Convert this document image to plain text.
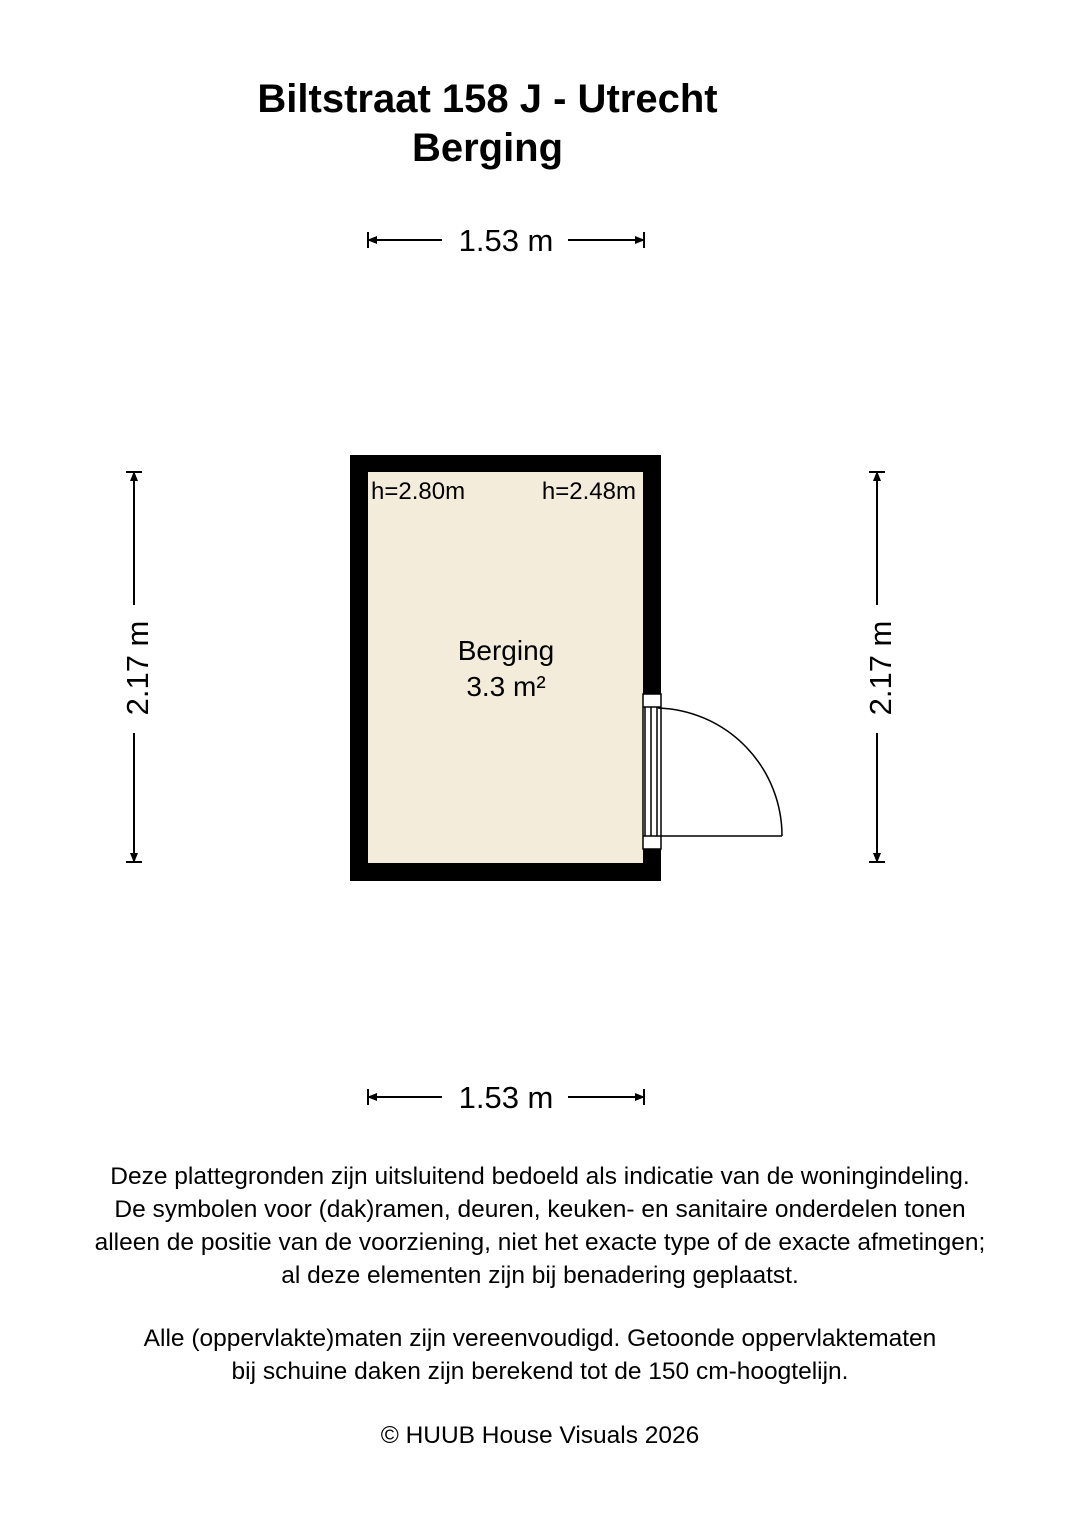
Biltstraat 158 J - Utrecht
Berging
1.53 m
1.53 m
2.17 m	2.17 m
h=2.80m	h=2.48m
Berging
3.3 m²

Deze plattegronden zijn uitsluitend bedoeld als indicatie van de woningindeling.

De symbolen voor (dak)ramen, deuren, keuken- en sanitaire onderdelen tonen

alleen de positie van de voorziening, niet het exacte type of de exacte afmetingen;

al deze elementen zijn bij benadering geplaatst.

Alle (oppervlakte)maten zijn vereenvoudigd. Getoonde oppervlaktematen

bij schuine daken zijn berekend tot de 150 cm-hoogtelijn.

© HUUB House Visuals 2026
